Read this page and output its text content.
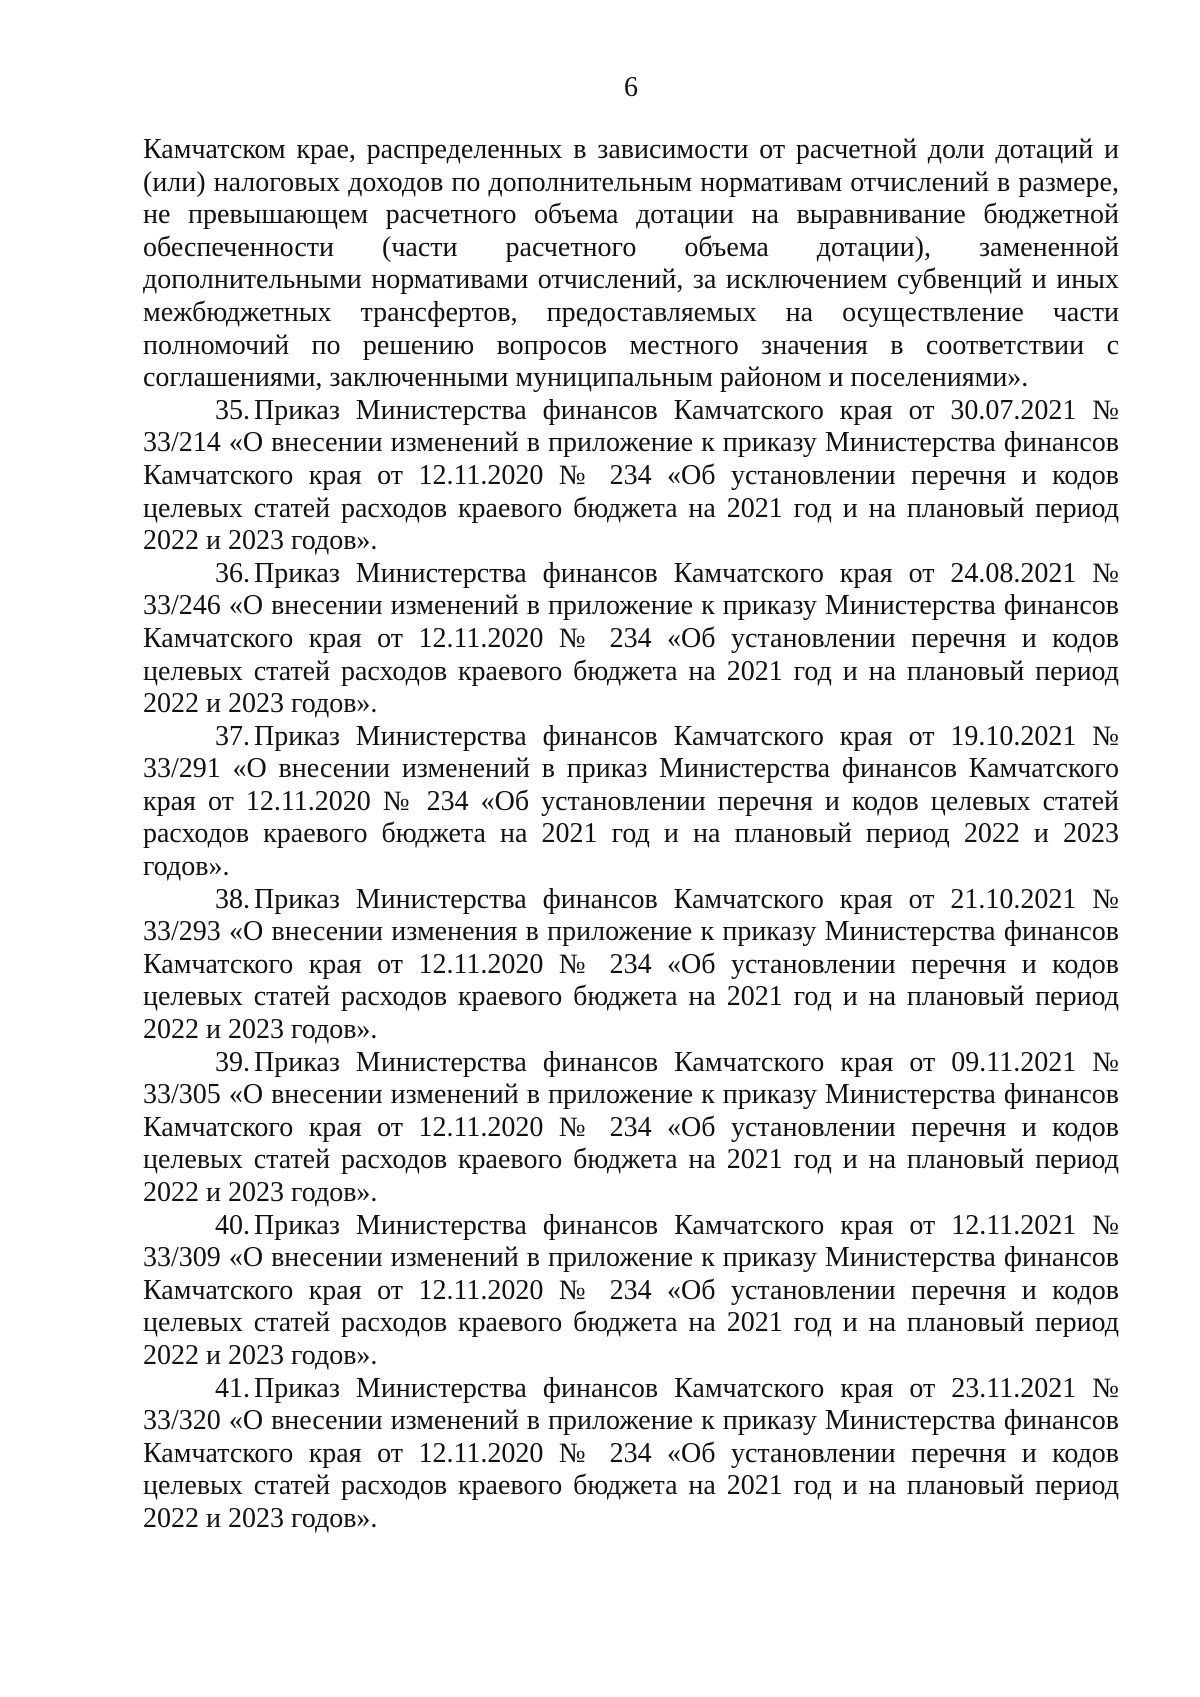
6

Камчатском крае, распределенных в зависимости от расчетной доли дотаций и (или) налоговых доходов по дополнительным нормативам отчислений в размере, не превышающем расчетного объема дотации на выравнивание бюджетной обеспеченности (части расчетного объема дотации), замененной дополнительными нормативами отчислений, за исключением субвенций и иных межбюджетных трансфертов, предоставляемых на осуществление части полномочий по решению вопросов местного значения в соответствии с соглашениями, заключенными муниципальным районом и поселениями».

35. Приказ Министерства финансов Камчатского края от 30.07.2021 № 33/214 «О внесении изменений в приложение к приказу Министерства финансов Камчатского края от 12.11.2020 № 234 «Об установлении перечня и кодов целевых статей расходов краевого бюджета на 2021 год и на плановый период 2022 и 2023 годов».

36. Приказ Министерства финансов Камчатского края от 24.08.2021 № 33/246 «О внесении изменений в приложение к приказу Министерства финансов Камчатского края от 12.11.2020 № 234 «Об установлении перечня и кодов целевых статей расходов краевого бюджета на 2021 год и на плановый период 2022 и 2023 годов».

37. Приказ Министерства финансов Камчатского края от 19.10.2021 № 33/291 «О внесении изменений в приказ Министерства финансов Камчатского края от 12.11.2020 № 234 «Об установлении перечня и кодов целевых статей расходов краевого бюджета на 2021 год и на плановый период 2022 и 2023 годов».

38. Приказ Министерства финансов Камчатского края от 21.10.2021 № 33/293 «О внесении изменения в приложение к приказу Министерства финансов Камчатского края от 12.11.2020 № 234 «Об установлении перечня и кодов целевых статей расходов краевого бюджета на 2021 год и на плановый период 2022 и 2023 годов».

39. Приказ Министерства финансов Камчатского края от 09.11.2021 № 33/305 «О внесении изменений в приложение к приказу Министерства финансов Камчатского края от 12.11.2020 № 234 «Об установлении перечня и кодов целевых статей расходов краевого бюджета на 2021 год и на плановый период 2022 и 2023 годов».

40. Приказ Министерства финансов Камчатского края от 12.11.2021 № 33/309 «О внесении изменений в приложение к приказу Министерства финансов Камчатского края от 12.11.2020 № 234 «Об установлении перечня и кодов целевых статей расходов краевого бюджета на 2021 год и на плановый период 2022 и 2023 годов».

41. Приказ Министерства финансов Камчатского края от 23.11.2021 № 33/320 «О внесении изменений в приложение к приказу Министерства финансов Камчатского края от 12.11.2020 № 234 «Об установлении перечня и кодов целевых статей расходов краевого бюджета на 2021 год и на плановый период 2022 и 2023 годов».
